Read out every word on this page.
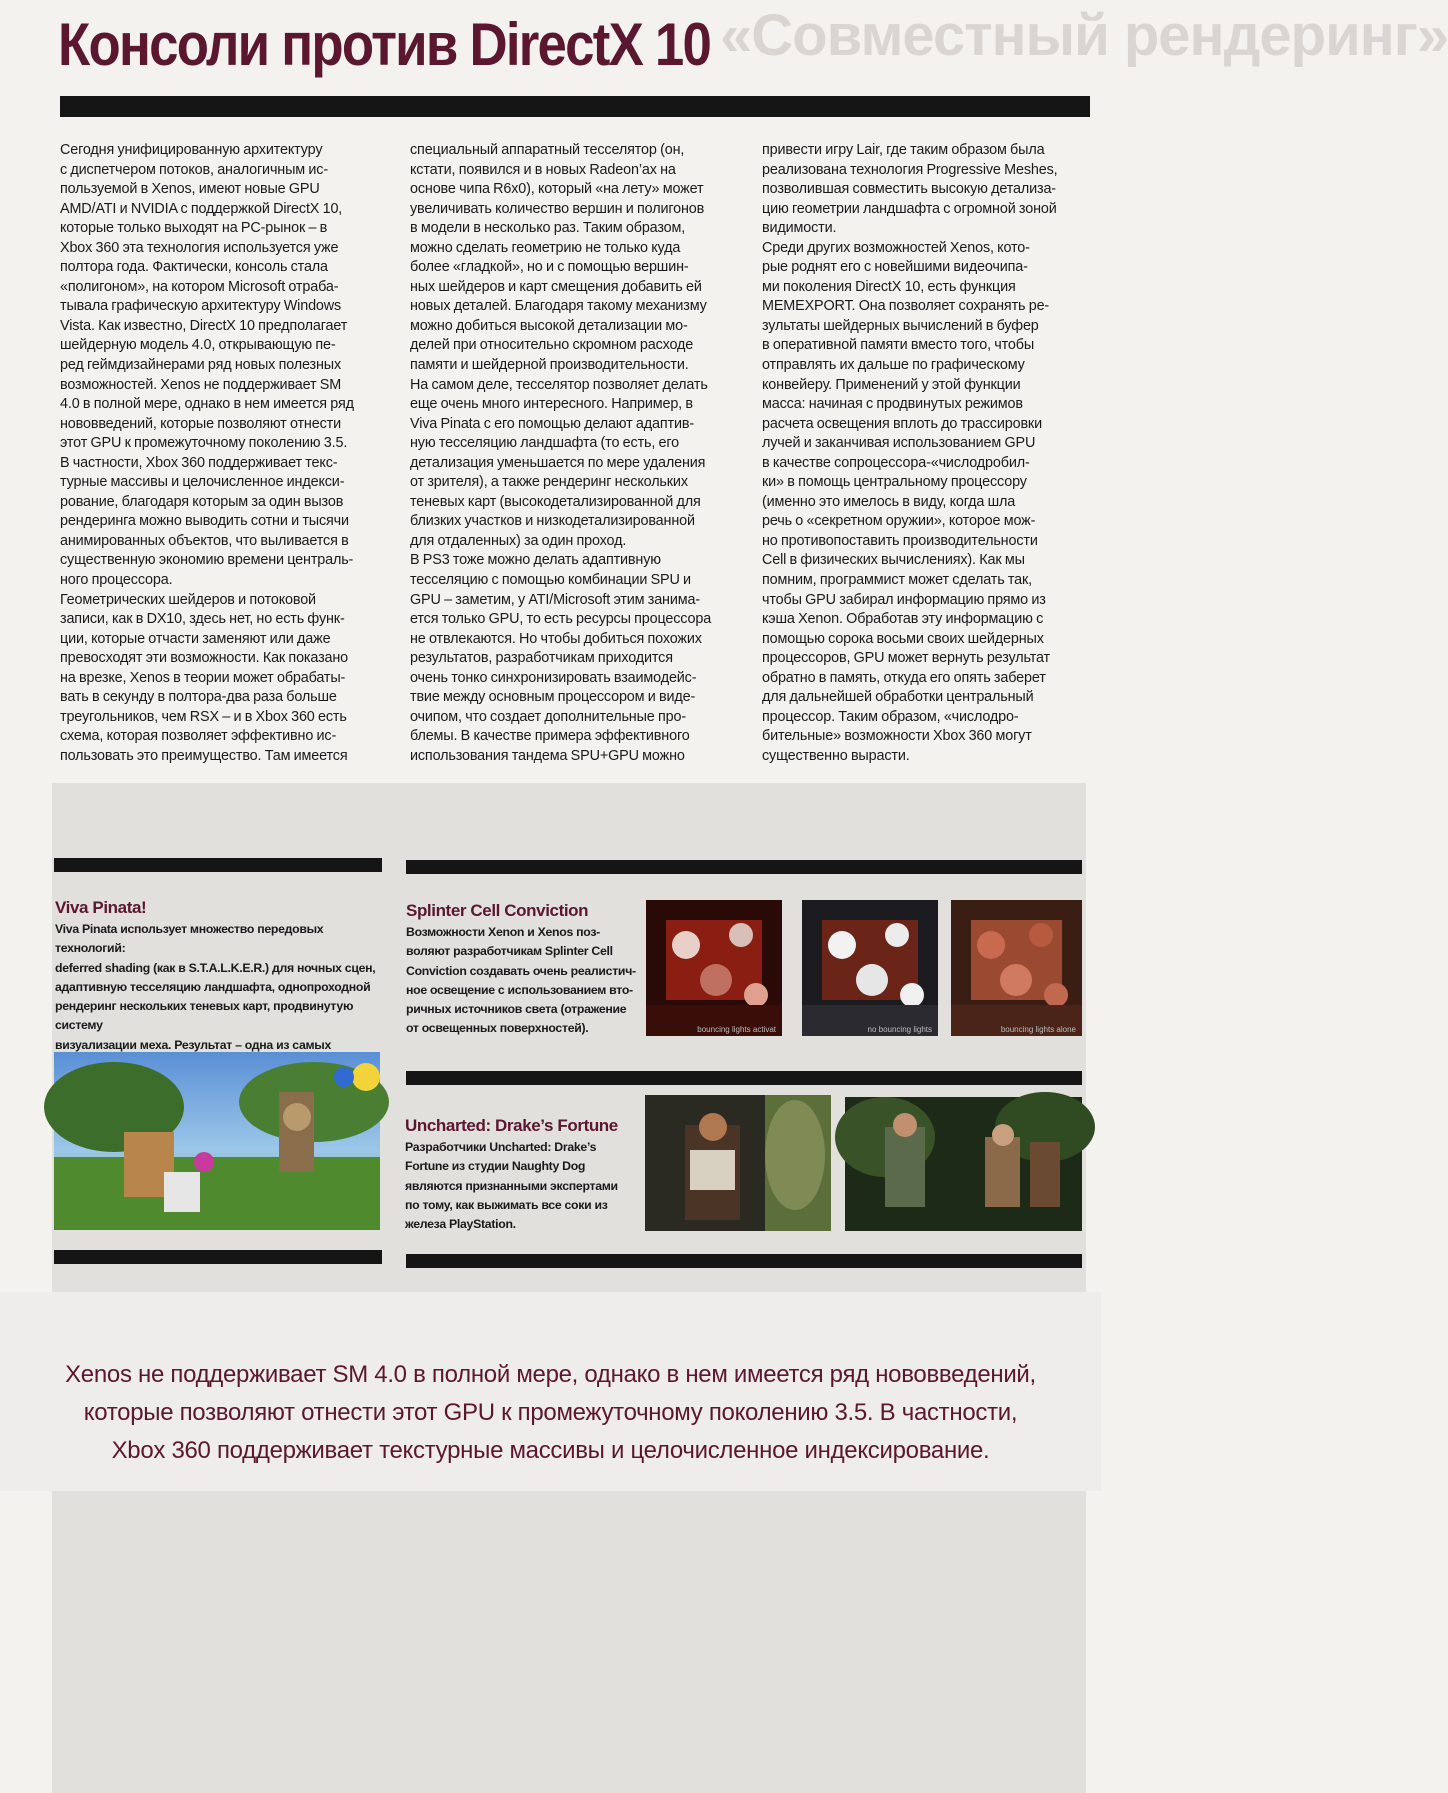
«Совместный рендеринг»
Консоли против DirectX 10

Сегодня унифицированную архитектуру

с диспетчером потоков, аналогичным ис-

пользуемой в Xenos, имеют новые GPU

AMD/ATI и NVIDIA с поддержкой DirectX 10,

которые только выходят на PC-рынок – в

Xbox 360 эта технология используется уже

полтора года. Фактически, консоль стала

«полигоном», на котором Microsoft отраба-

тывала графическую архитектуру Windows

Vista. Как известно, DirectX 10 предполагает

шейдерную модель 4.0, открывающую пе-

ред геймдизайнерами ряд новых полезных

возможностей. Xenos не поддерживает SM

4.0 в полной мере, однако в нем имеется ряд

нововведений, которые позволяют отнести

этот GPU к промежуточному поколению 3.5.

В частности, Xbox 360 поддерживает текс-

турные массивы и целочисленное индекси-

рование, благодаря которым за один вызов

рендеринга можно выводить сотни и тысячи

анимированных объектов, что выливается в

существенную экономию времени централь-

ного процессора.

Геометрических шейдеров и потоковой

записи, как в DX10, здесь нет, но есть функ-

ции, которые отчасти заменяют или даже

превосходят эти возможности. Как показано

на врезке, Xenos в теории может обрабаты-

вать в секунду в полтора-два раза больше

треугольников, чем RSX – и в Xbox 360 есть

схема, которая позволяет эффективно ис-

пользовать это преимущество. Там имеется

специальный аппаратный тесселятор (он,

кстати, появился и в новых Radeon’ах на

основе чипа R6x0), который «на лету» может

увеличивать количество вершин и полигонов

в модели в несколько раз. Таким образом,

можно сделать геометрию не только куда

более «гладкой», но и с помощью вершин-

ных шейдеров и карт смещения добавить ей

новых деталей. Благодаря такому механизму

можно добиться высокой детализации мо-

делей при относительно скромном расходе

памяти и шейдерной производительности.

На самом деле, тесселятор позволяет делать

еще очень много интересного. Например, в

Viva Pinata с его помощью делают адаптив-

ную тесселяцию ландшафта (то есть, его

детализация уменьшается по мере удаления

от зрителя), а также рендеринг нескольких

теневых карт (высокодетализированной для

близких участков и низкодетализированной

для отдаленных) за один проход.

В PS3 тоже можно делать адаптивную

тесселяцию с помощью комбинации SPU и

GPU – заметим, у ATI/Microsoft этим занима-

ется только GPU, то есть ресурсы процессора

не отвлекаются. Но чтобы добиться похожих

результатов, разработчикам приходится

очень тонко синхронизировать взаимодейс-

твие между основным процессором и виде-

очипом, что создает дополнительные про-

блемы. В качестве примера эффективного

использования тандема SPU+GPU можно

привести игру Lair, где таким образом была

реализована технология Progressive Meshes,

позволившая совместить высокую детализа-

цию геометрии ландшафта с огромной зоной

видимости.

Среди других возможностей Xenos, кото-

рые роднят его с новейшими видеочипа-

ми поколения DirectX 10, есть функция

MEMEXPORT. Она позволяет сохранять ре-

зультаты шейдерных вычислений в буфер

в оперативной памяти вместо того, чтобы

отправлять их дальше по графическому

конвейеру. Применений у этой функции

масса: начиная с продвинутых режимов

расчета освещения вплоть до трассировки

лучей и заканчивая использованием GPU

в качестве сопроцессора-«числодробил-

ки» в помощь центральному процессору

(именно это имелось в виду, когда шла

речь о «секретном оружии», которое мож-

но противопоставить производительности

Cell в физических вычислениях). Как мы

помним, программист может сделать так,

чтобы GPU забирал информацию прямо из

кэша Xenon. Обработав эту информацию с

помощью сорока восьми своих шейдерных

процессоров, GPU может вернуть результат

обратно в память, откуда его опять заберет

для дальнейшей обработки центральный

процессор. Таким образом, «числодро-

бительные» возможности Xbox 360 могут

существенно вырасти.

Viva Pinata!

Viva Pinata использует множество передовых технологий:

deferred shading (как в S.T.A.L.K.E.R.) для ночных сцен,

адаптивную тесселяцию ландшафта, однопроходной

рендеринг нескольких теневых карт, продвинутую систему

визуализации меха. Результат – одна из самых

Splinter Cell Conviction

Возможности Xenon и Xenos поз-

воляют разработчикам Splinter Cell

Conviction создавать очень реалистич-

ное освещение с использованием вто-

ричных источников света (отражение

от освещенных поверхностей).	bouncing lights activat	no bouncing lights	bouncing lights alone
Uncharted: Drake’s Fortune

Разработчики Uncharted: Drake’s

Fortune из студии Naughty Dog

являются признанными экспертами

по тому, как выжимать все соки из

железа PlayStation.

Xenos не поддерживает SM 4.0 в полной мере, однако в нем имеется ряд нововведений,

которые позволяют отнести этот GPU к промежуточному поколению 3.5. В частности,

Xbox 360 поддерживает текстурные массивы и целочисленное индексирование.
